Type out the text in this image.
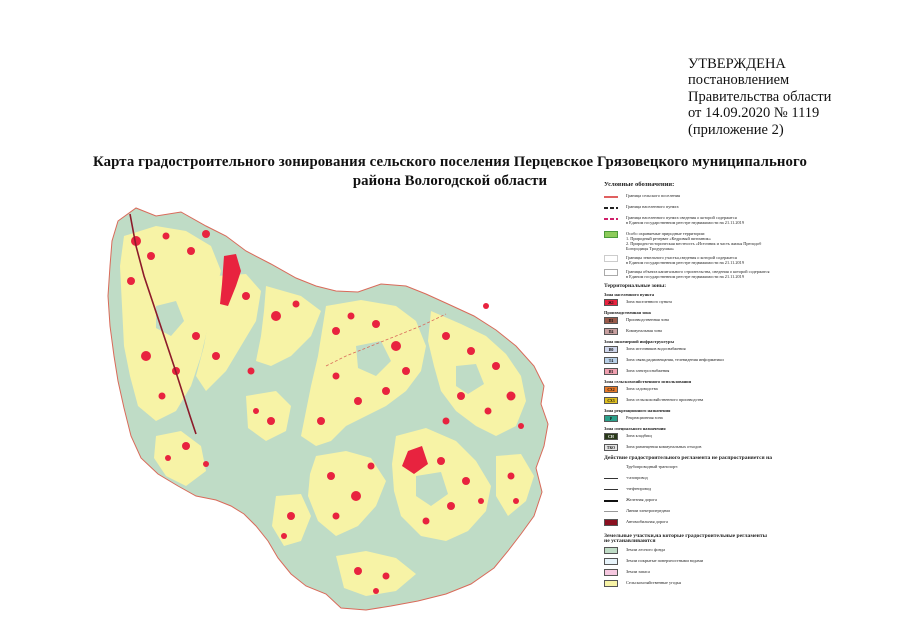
УТВЕРЖДЕНА
постановлением
Правительства области
от 14.09.2020 № 1119
(приложение 2)
Карта градостроительного зонирования сельского поселения Перцевское Грязовецкого муниципального
района Вологодской области	Условные обозначения:
Граница сельского поселения
Граница населенного пункта
Граница населенного пункта сведения о которой содержатся
в Едином государственном реестре недвижимости на 21.11.2019
Особо охраняемые природные территории:
1. Природный резерват «Кедровый питомник»
2. Природно-историческая местность «Источник и часть жилья Преподоб
Богородицы Тродурушка»
Границы земельного участка,сведения о которой содержатся
в Едином государственном реестре недвижимости на 21.11.2019
Границы объекта капитального строительства, сведения о которой содержатся
в Едином государственном реестре недвижимости на 21.11.2019
Территориальные зоны:
Зона населенного пункта
Ж1	Зона населенного пункта
Производственная зона
П1	Производственная зона
П4	Коммунальная зона
Зона инженерной инфраструктуры
И0	Зона источников водоснабжения
Т4	Зона связи,радиовещания, телевидения информатики
И1	Зона электроснабжения
Зона сельскохозяйственного использования
СХ2	Зона садоводства
СХ3	Зона сельскохозяйственного производства
Зона рекреационного назначения
Р	Рекреационная зона
Зона специального назначения
СН	Зона кладбищ
ТКО	Зона размещения коммунальных отходов
Действие градостроительного регламента не распространяется на
Трубопроводный транспорт:
-газопровод
-нефтепровод
Железная дорога
Линии электропередачи
Автомобильная дорога
Земельные участки,на которые градостроительные регламенты
не устанавливаются
Земли лесного фонда
Земли покрытые поверхностными водами
Земли запаса
Сельскохозяйственные угодья
